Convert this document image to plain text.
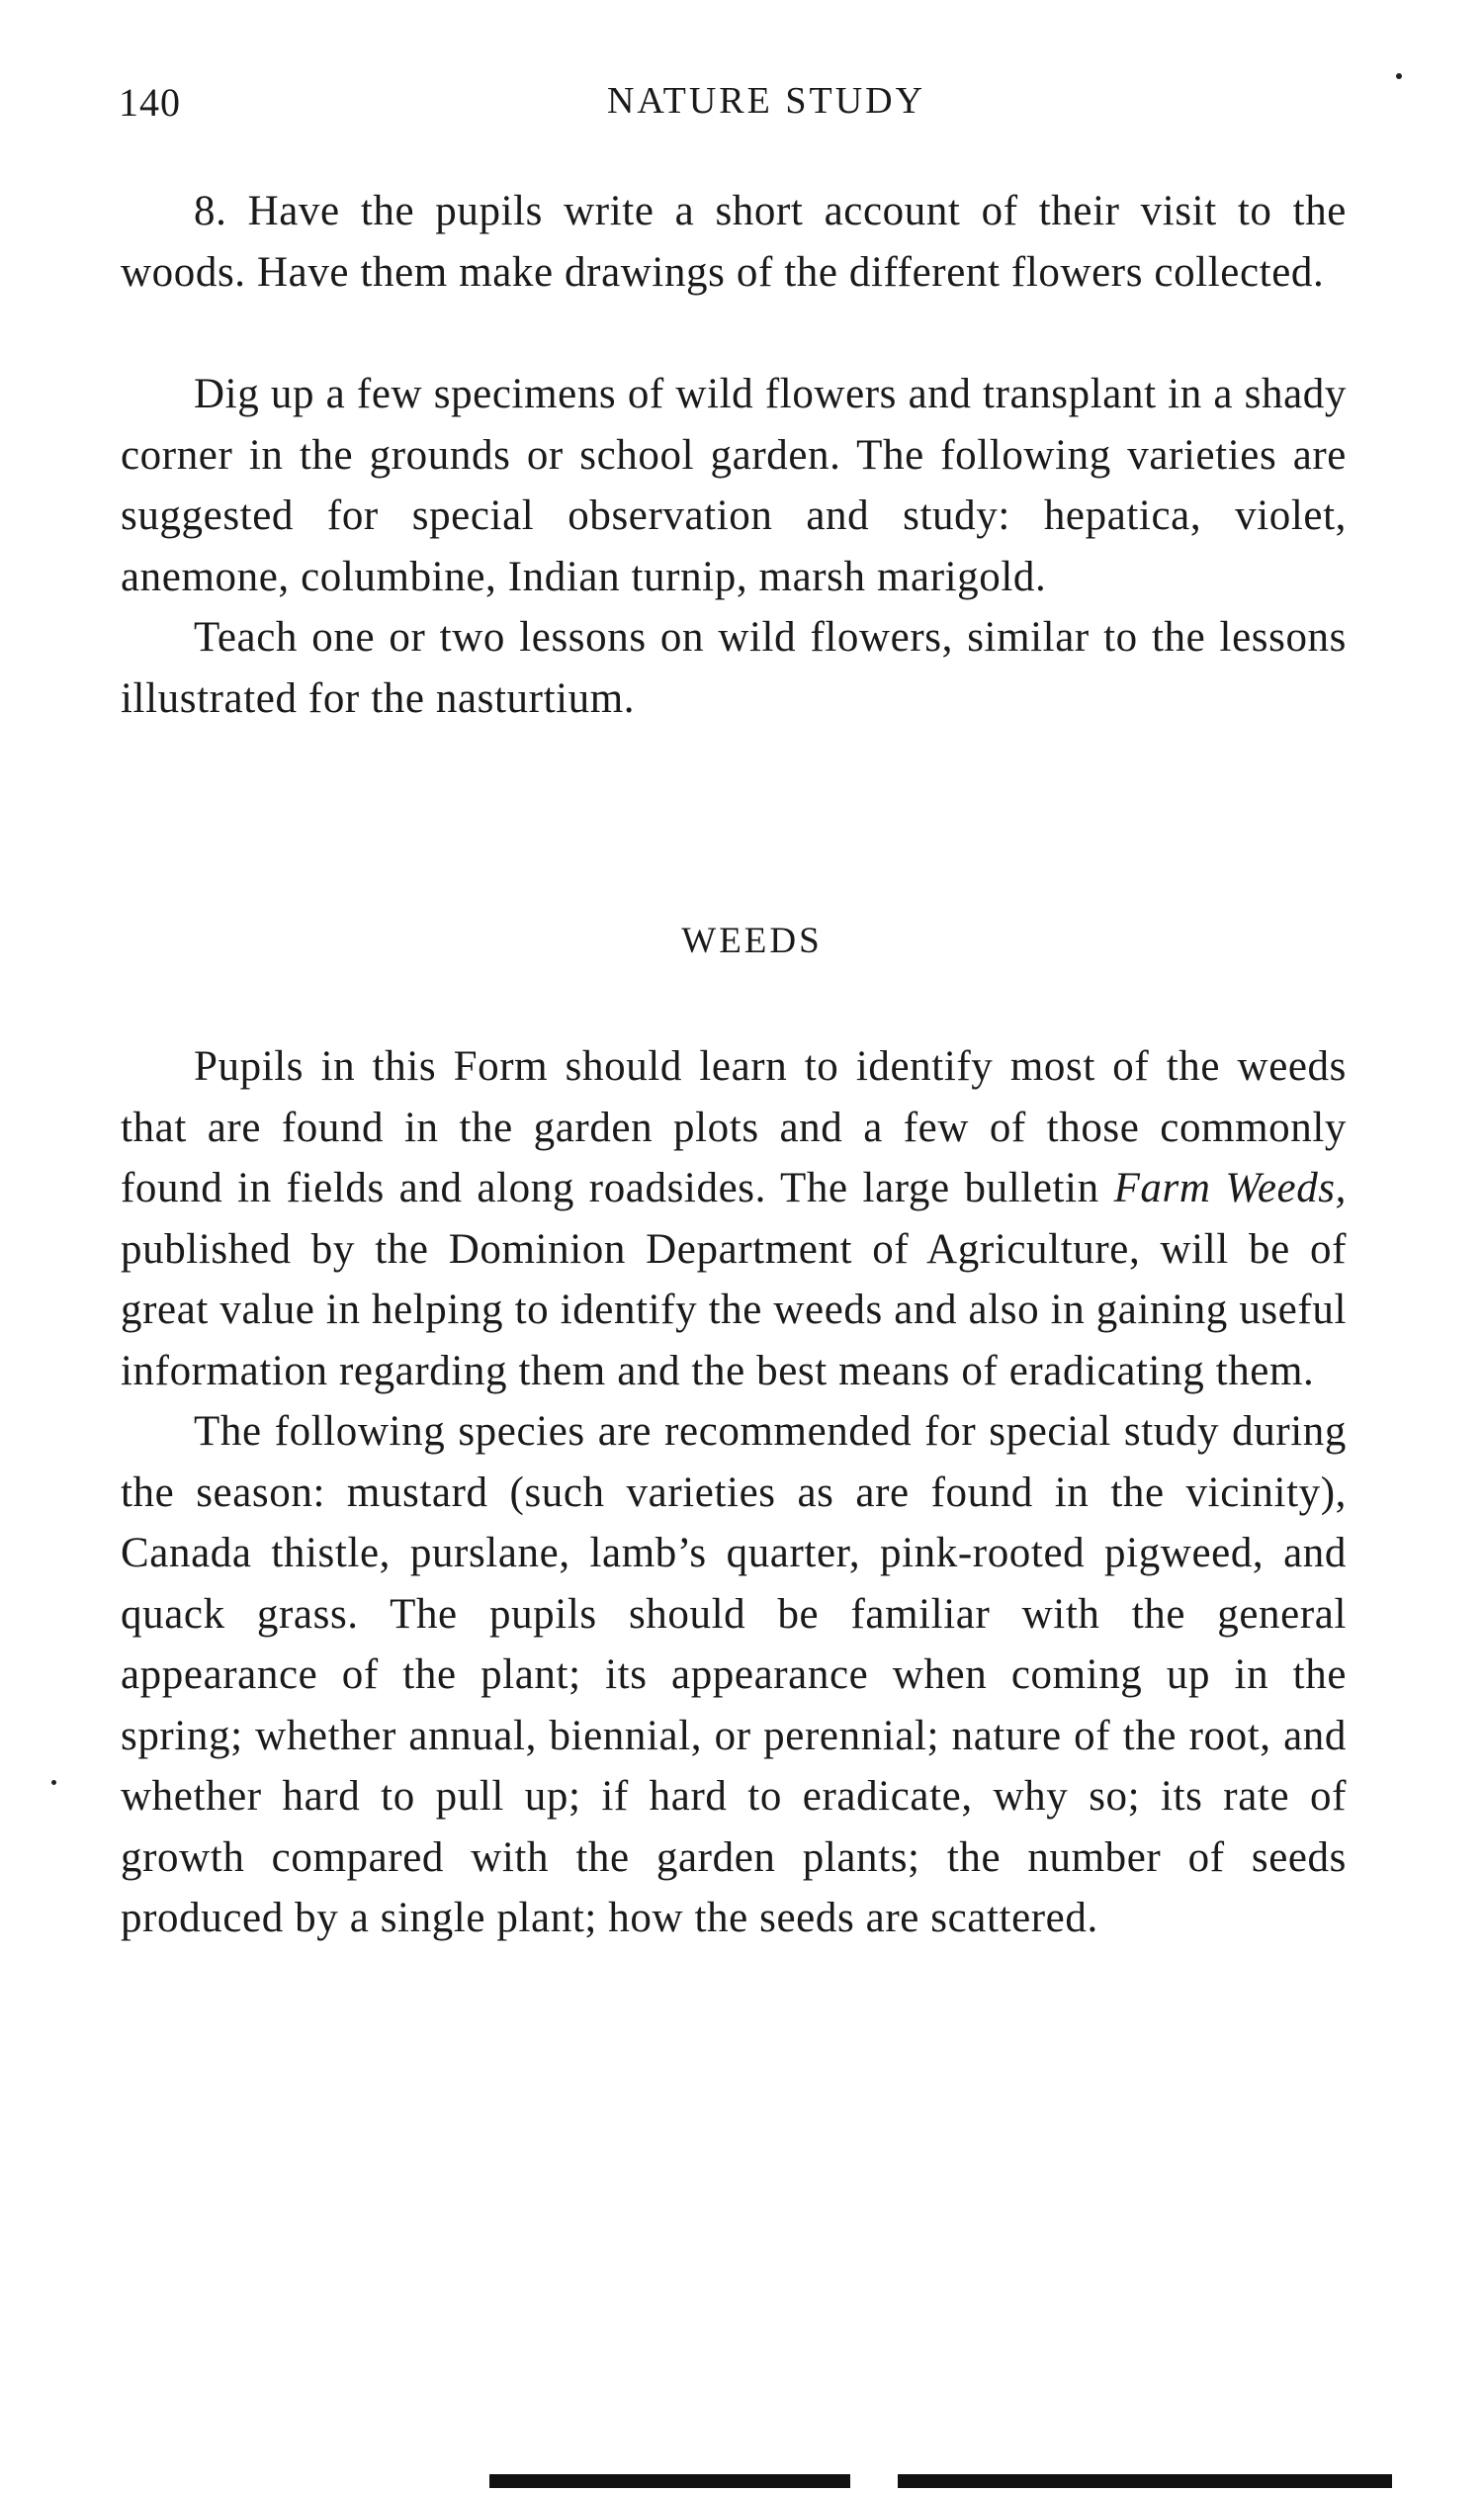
140	NATURE STUDY

8. Have the pupils write a short account of their visit to the woods. Have them make drawings of the different flowers collected.

Dig up a few specimens of wild flowers and transplant in a shady corner in the grounds or school garden. The following varieties are suggested for special observation and study: hepatica, violet, anemone, columbine, Indian turnip, marsh marigold.

Teach one or two lessons on wild flowers, similar to the lessons illustrated for the nasturtium.

WEEDS

Pupils in this Form should learn to identify most of the weeds that are found in the garden plots and a few of those commonly found in fields and along roadsides. The large bulletin Farm Weeds, published by the Dominion Department of Agriculture, will be of great value in helping to identify the weeds and also in gaining useful information regarding them and the best means of eradicating them.

The following species are recommended for special study during the season: mustard (such varieties as are found in the vicinity), Canada thistle, purslane, lamb’s quarter, pink-rooted pigweed, and quack grass. The pupils should be familiar with the general appearance of the plant; its appearance when coming up in the spring; whether annual, biennial, or perennial; nature of the root, and whether hard to pull up; if hard to eradicate, why so; its rate of growth compared with the garden plants; the number of seeds produced by a single plant; how the seeds are scattered.
